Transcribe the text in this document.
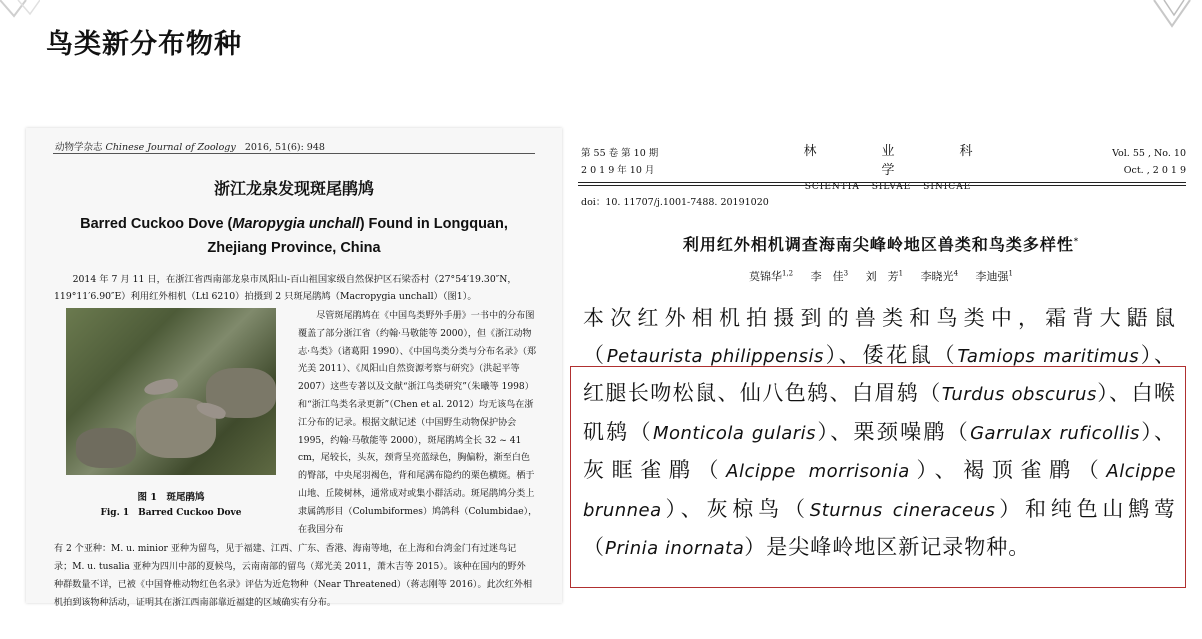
鸟类新分布物种
动物学杂志 Chinese Journal of Zoology 2016, 51(6): 948
浙江龙泉发现斑尾鹃鸠
Barred Cuckoo Dove (Maropygia unchall) Found in Longquan, Zhejiang Province, China
2014 年 7 月 11 日，在浙江省西南部龙泉市凤阳山-百山祖国家级自然保护区石梁岙村（27°54′19.30″N，119°11′6.90″E）利用红外相机（Ltl 6210）拍摄到 2 只斑尾鹃鸠（Macropygia unchall）（图1）。
图 1　斑尾鹃鸠
Fig. 1　Barred Cuckoo Dove
尽管斑尾鹃鸠在《中国鸟类野外手册》一书中的分布图覆盖了部分浙江省（约翰·马敬能等 2000），但《浙江动物志·鸟类》（诸葛阳 1990）、《中国鸟类分类与分布名录》（郑光美 2011）、《凤阳山自然资源考察与研究》（洪起平等 2007）这些专著以及文献“浙江鸟类研究”（朱曦等 1998）和“浙江鸟类名录更新”（Chen et al. 2012）均无该鸟在浙江分布的记录。根据文献记述（中国野生动物保护协会 1995，约翰·马敬能等 2000），斑尾鹃鸠全长 32 ~ 41 cm，尾较长，头灰，颈背呈亮蓝绿色，胸偏粉，渐至白色的臀部，中央尾羽褐色，背和尾满布隐约的栗色横斑。栖于山地、丘陵树林，通常成对或集小群活动。斑尾鹃鸠分类上隶属鸽形目（Columbiformes）鸠鸽科（Columbidae），在我国分布
有 2 个亚种：M. u. minior 亚种为留鸟，见于福建、江西、广东、香港、海南等地，在上海和台湾金门有过迷鸟记录；M. u. tusalia 亚种为四川中部的夏候鸟，云南南部的留鸟（郑光美 2011，萧木吉等 2015）。该种在国内的野外种群数量不详，已被《中国脊椎动物红色名录》评估为近危物种（Near Threatened）（蒋志刚等 2016）。此次红外相机拍到该物种活动，证明其在浙江西南部靠近福建的区域确实有分布。
第 55 卷 第 10 期
2 0 1 9 年 10 月
林　业　科　学
SCIENTIA SILVAE SINICAE
Vol. 55 , No. 10
Oct. , 2 0 1 9
doi：10. 11707/j.1001-7488. 20191020
利用红外相机调查海南尖峰岭地区兽类和鸟类多样性*
莫锦华$^{1,2}$ 李　佳$^3$ 刘　芳$^1$ 李晓光$^4$ 李迪强$^1$
本次红外相机拍摄到的兽类和鸟类中，霜背大鼯鼠（Petaurista philippensis）、倭花鼠（Tamiops maritimus）、红腿长吻松鼠、仙八色鸫、白眉鸫（Turdus obscurus）、白喉矶鸫（Monticola gularis）、栗颈噪鹛（Garrulax ruficollis）、灰眶雀鹛（Alcippe morrisonia）、褐顶雀鹛（Alcippe brunnea）、灰椋鸟（Sturnus cineraceus）和纯色山鹪莺（Prinia inornata）是尖峰岭地区新记录物种。
